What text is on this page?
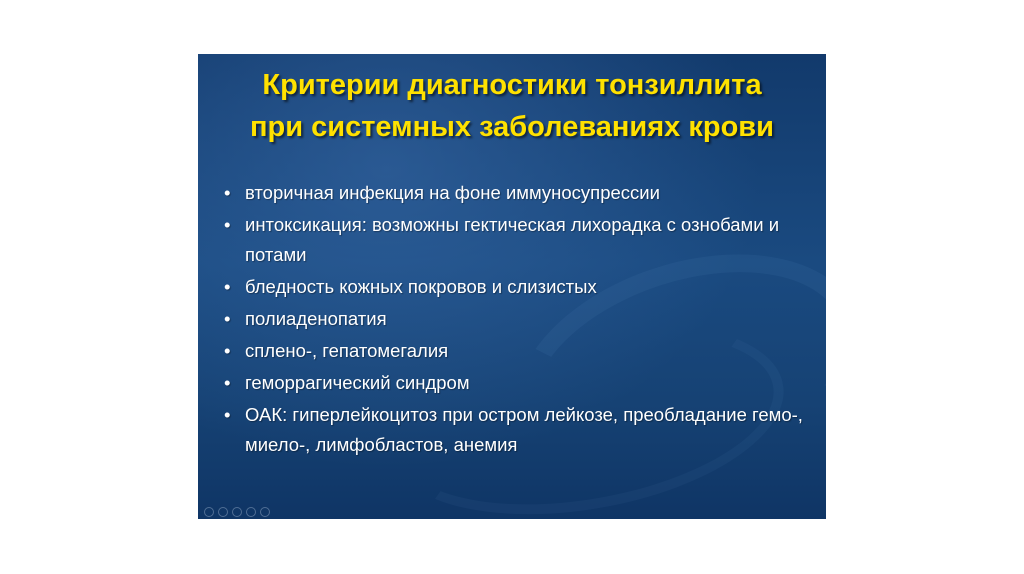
Критерии диагностики тонзиллита
при системных заболеваниях крови
• вторичная инфекция на фоне иммуносупрессии
• интоксикация: возможны гектическая лихорадка с ознобами и потами
• бледность кожных покровов и слизистых
• полиаденопатия
• сплено-, гепатомегалия
• геморрагический синдром
• ОАК: гиперлейкоцитоз при остром лейкозе, преобладание гемо-, миело-, лимфобластов, анемия
